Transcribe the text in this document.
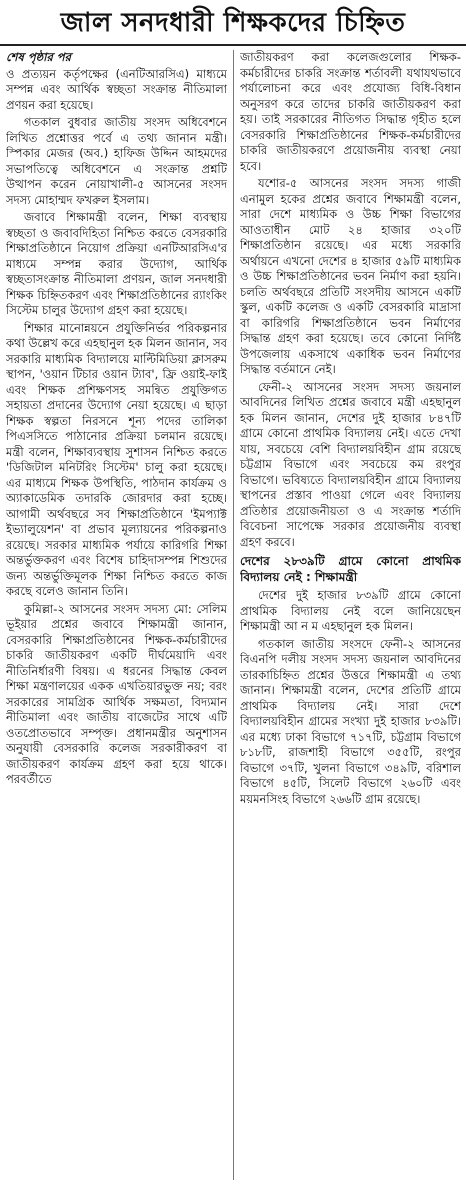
জাল সনদধারী শিক্ষকদের চিহ্নিত
শেষ পৃষ্ঠার পর

ও প্রত্যয়ন কর্তৃপক্ষের (এনটিআরসিএ) মাধ্যমে সম্পন্ন এবং আর্থিক স্বচ্ছতা সংক্রান্ত নীতিমালা প্রণয়ন করা হয়েছে।

গতকাল বুধবার জাতীয় সংসদ অধিবেশনে লিখিত প্রশ্নোত্তর পর্বে এ তথ্য জানান মন্ত্রী। স্পিকার মেজর (অব.) হাফিজ উদ্দিন আহমদের সভাপতিত্বে অধিবেশনে এ সংক্রান্ত প্রশ্নটি উত্থাপন করেন নোয়াখালী-৫ আসনের সংসদ সদস্য মোহাম্মদ ফখরুল ইসলাম।

জবাবে শিক্ষামন্ত্রী বলেন, শিক্ষা ব্যবস্থায় স্বচ্ছতা ও জবাবদিহিতা নিশ্চিত করতে বেসরকারি শিক্ষাপ্রতিষ্ঠানে নিয়োগ প্রক্রিয়া এনটিআরসিএ'র মাধ্যমে সম্পন্ন করার উদ্যোগ, আর্থিক স্বচ্ছতাসংক্রান্ত নীতিমালা প্রণয়ন, জাল সনদধারী শিক্ষক চিহ্নিতকরণ এবং শিক্ষাপ্রতিষ্ঠানের র‍্যাংকিং সিস্টেম চালুর উদ্যোগ গ্রহণ করা হয়েছে।

শিক্ষার মানোন্নয়নে প্রযুক্তিনির্ভর পরিকল্পনার কথা উল্লেখ করে এহছানুল হক মিলন জানান, সব সরকারি মাধ্যমিক বিদ্যালয়ে মাল্টিমিডিয়া ক্লাসরুম স্থাপন, 'ওয়ান টিচার ওয়ান ট্যাব', ফ্রি ওয়াই-ফাই এবং শিক্ষক প্রশিক্ষণসহ সমন্বিত প্রযুক্তিগত সহায়তা প্রদানের উদ্যোগ নেয়া হয়েছে। এ ছাড়া শিক্ষক স্বল্পতা নিরসনে শূন্য পদের তালিকা পিএসসিতে পাঠানোর প্রক্রিয়া চলমান রয়েছে। মন্ত্রী বলেন, শিক্ষাব্যবস্থায় সুশাসন নিশ্চিত করতে 'ডিজিটাল মনিটরিং সিস্টেম' চালু করা হয়েছে। এর মাধ্যমে শিক্ষক উপস্থিতি, পাঠদান কার্যক্রম ও অ্যাকাডেমিক তদারকি জোরদার করা হচ্ছে। আগামী অর্থবছরে সব শিক্ষাপ্রতিষ্ঠানে 'ইমপ্যাক্ট ইভ্যালুয়েশন' বা প্রভাব মূল্যায়নের পরিকল্পনাও রয়েছে। সরকার মাধ্যমিক পর্যায়ে কারিগরি শিক্ষা অন্তর্ভুক্তকরণ এবং বিশেষ চাহিদাসম্পন্ন শিশুদের জন্য অন্তর্ভুক্তিমূলক শিক্ষা নিশ্চিত করতে কাজ করছে বলেও জানান তিনি।

কুমিল্লা-২ আসনের সংসদ সদস্য মো: সেলিম ভূইয়ার প্রশ্নের জবাবে শিক্ষামন্ত্রী জানান, বেসরকারি শিক্ষাপ্রতিষ্ঠানের শিক্ষক-কর্মচারীদের চাকরি জাতীয়করণ একটি দীর্ঘমেয়াদি এবং নীতিনির্ধারণী বিষয়। এ ধরনের সিদ্ধান্ত কেবল শিক্ষা মন্ত্রণালয়ের একক এখতিয়ারভুক্ত নয়; বরং সরকারের সামগ্রিক আর্থিক সক্ষমতা, বিদ্যমান নীতিমালা এবং জাতীয় বাজেটের সাথে এটি ওতপ্রোতভাবে সম্পৃক্ত। প্রধানমন্ত্রীর অনুশাসন অনুযায়ী বেসরকারি কলেজ সরকারীকরণ বা জাতীয়করণ কার্যক্রম গ্রহণ করা হয়ে থাকে। পরবর্তীতে

জাতীয়করণ করা কলেজগুলোর শিক্ষক-কর্মচারীদের চাকরি সংক্রান্ত শর্তাবলী যথাযথভাবে পর্যালোচনা করে এবং প্রযোজ্য বিধি-বিধান অনুসরণ করে তাদের চাকরি জাতীয়করণ করা হয়। তাই সরকারের নীতিগত সিদ্ধান্ত গৃহীত হলে বেসরকারি শিক্ষাপ্রতিষ্ঠানের শিক্ষক-কর্মচারীদের চাকরি জাতীয়করণে প্রয়োজনীয় ব্যবস্থা নেয়া হবে।

যশোর-৫ আসনের সংসদ সদস্য গাজী এনামুল হকের প্রশ্নের জবাবে শিক্ষামন্ত্রী বলেন, সারা দেশে মাধ্যমিক ও উচ্চ শিক্ষা বিভাগের আওতাধীন মোট ২৪ হাজার ৩২০টি শিক্ষাপ্রতিষ্ঠান রয়েছে। এর মধ্যে সরকারি অর্থায়নে এখনো দেশের ৪ হাজার ৫৯টি মাধ্যমিক ও উচ্চ শিক্ষাপ্রতিষ্ঠানের ভবন নির্মাণ করা হয়নি। চলতি অর্থবছরে প্রতিটি সংসদীয় আসনে একটি স্কুল, একটি কলেজ ও একটি বেসরকারি মাদ্রাসা বা কারিগরি শিক্ষাপ্রতিষ্ঠানে ভবন নির্মাণের সিদ্ধান্ত গ্রহণ করা হয়েছে। তবে কোনো নির্দিষ্ট উপজেলায় একসাথে একাধিক ভবন নির্মাণের সিদ্ধান্ত বর্তমানে নেই।

ফেনী-২ আসনের সংসদ সদস্য জয়নাল আবদিনের লিখিত প্রশ্নের জবাবে মন্ত্রী এহছানুল হক মিলন জানান, দেশের দুই হাজার ৮৪৭টি গ্রামে কোনো প্রাথমিক বিদ্যালয় নেই। এতে দেখা যায়, সবচেয়ে বেশি বিদ্যালয়বিহীন গ্রাম রয়েছে চট্টগ্রাম বিভাগে এবং সবচেয়ে কম রংপুর বিভাগে। ভবিষ্যতে বিদ্যালয়বিহীন গ্রামে বিদ্যালয় স্থাপনের প্রস্তাব পাওয়া গেলে এবং বিদ্যালয় প্রতিষ্ঠার প্রয়োজনীয়তা ও এ সংক্রান্ত শর্তাদি বিবেচনা সাপেক্ষে সরকার প্রয়োজনীয় ব্যবস্থা গ্রহণ করবে।

দেশের ২৮৩৯টি গ্রামে কোনো প্রাথমিক বিদ্যালয় নেই : শিক্ষামন্ত্রী

দেশের দুই হাজার ৮৩৯টি গ্রামে কোনো প্রাথমিক বিদ্যালয় নেই বলে জানিয়েছেন শিক্ষামন্ত্রী আ ন ম এহছানুল হক মিলন।

গতকাল জাতীয় সংসদে ফেনী-২ আসনের বিএনপি দলীয় সংসদ সদস্য জয়নাল আবদিনের তারকাচিহ্নিত প্রশ্নের উত্তরে শিক্ষামন্ত্রী এ তথ্য জানান। শিক্ষামন্ত্রী বলেন, দেশের প্রতিটি গ্রামে প্রাথমিক বিদ্যালয় নেই। সারা দেশে বিদ্যালয়বিহীন গ্রামের সংখ্যা দুই হাজার ৮৩৯টি। এর মধ্যে ঢাকা বিভাগে ৭১৭টি, চট্টগ্রাম বিভাগে ৮১৮টি, রাজশাহী বিভাগে ৩৫৫টি, রংপুর বিভাগে ৩৭টি, খুলনা বিভাগে ৩৪৯টি, বরিশাল বিভাগে ৪৫টি, সিলেট বিভাগে ২৬০টি এবং ময়মনসিংহ বিভাগে ২৬৬টি গ্রাম রয়েছে।
